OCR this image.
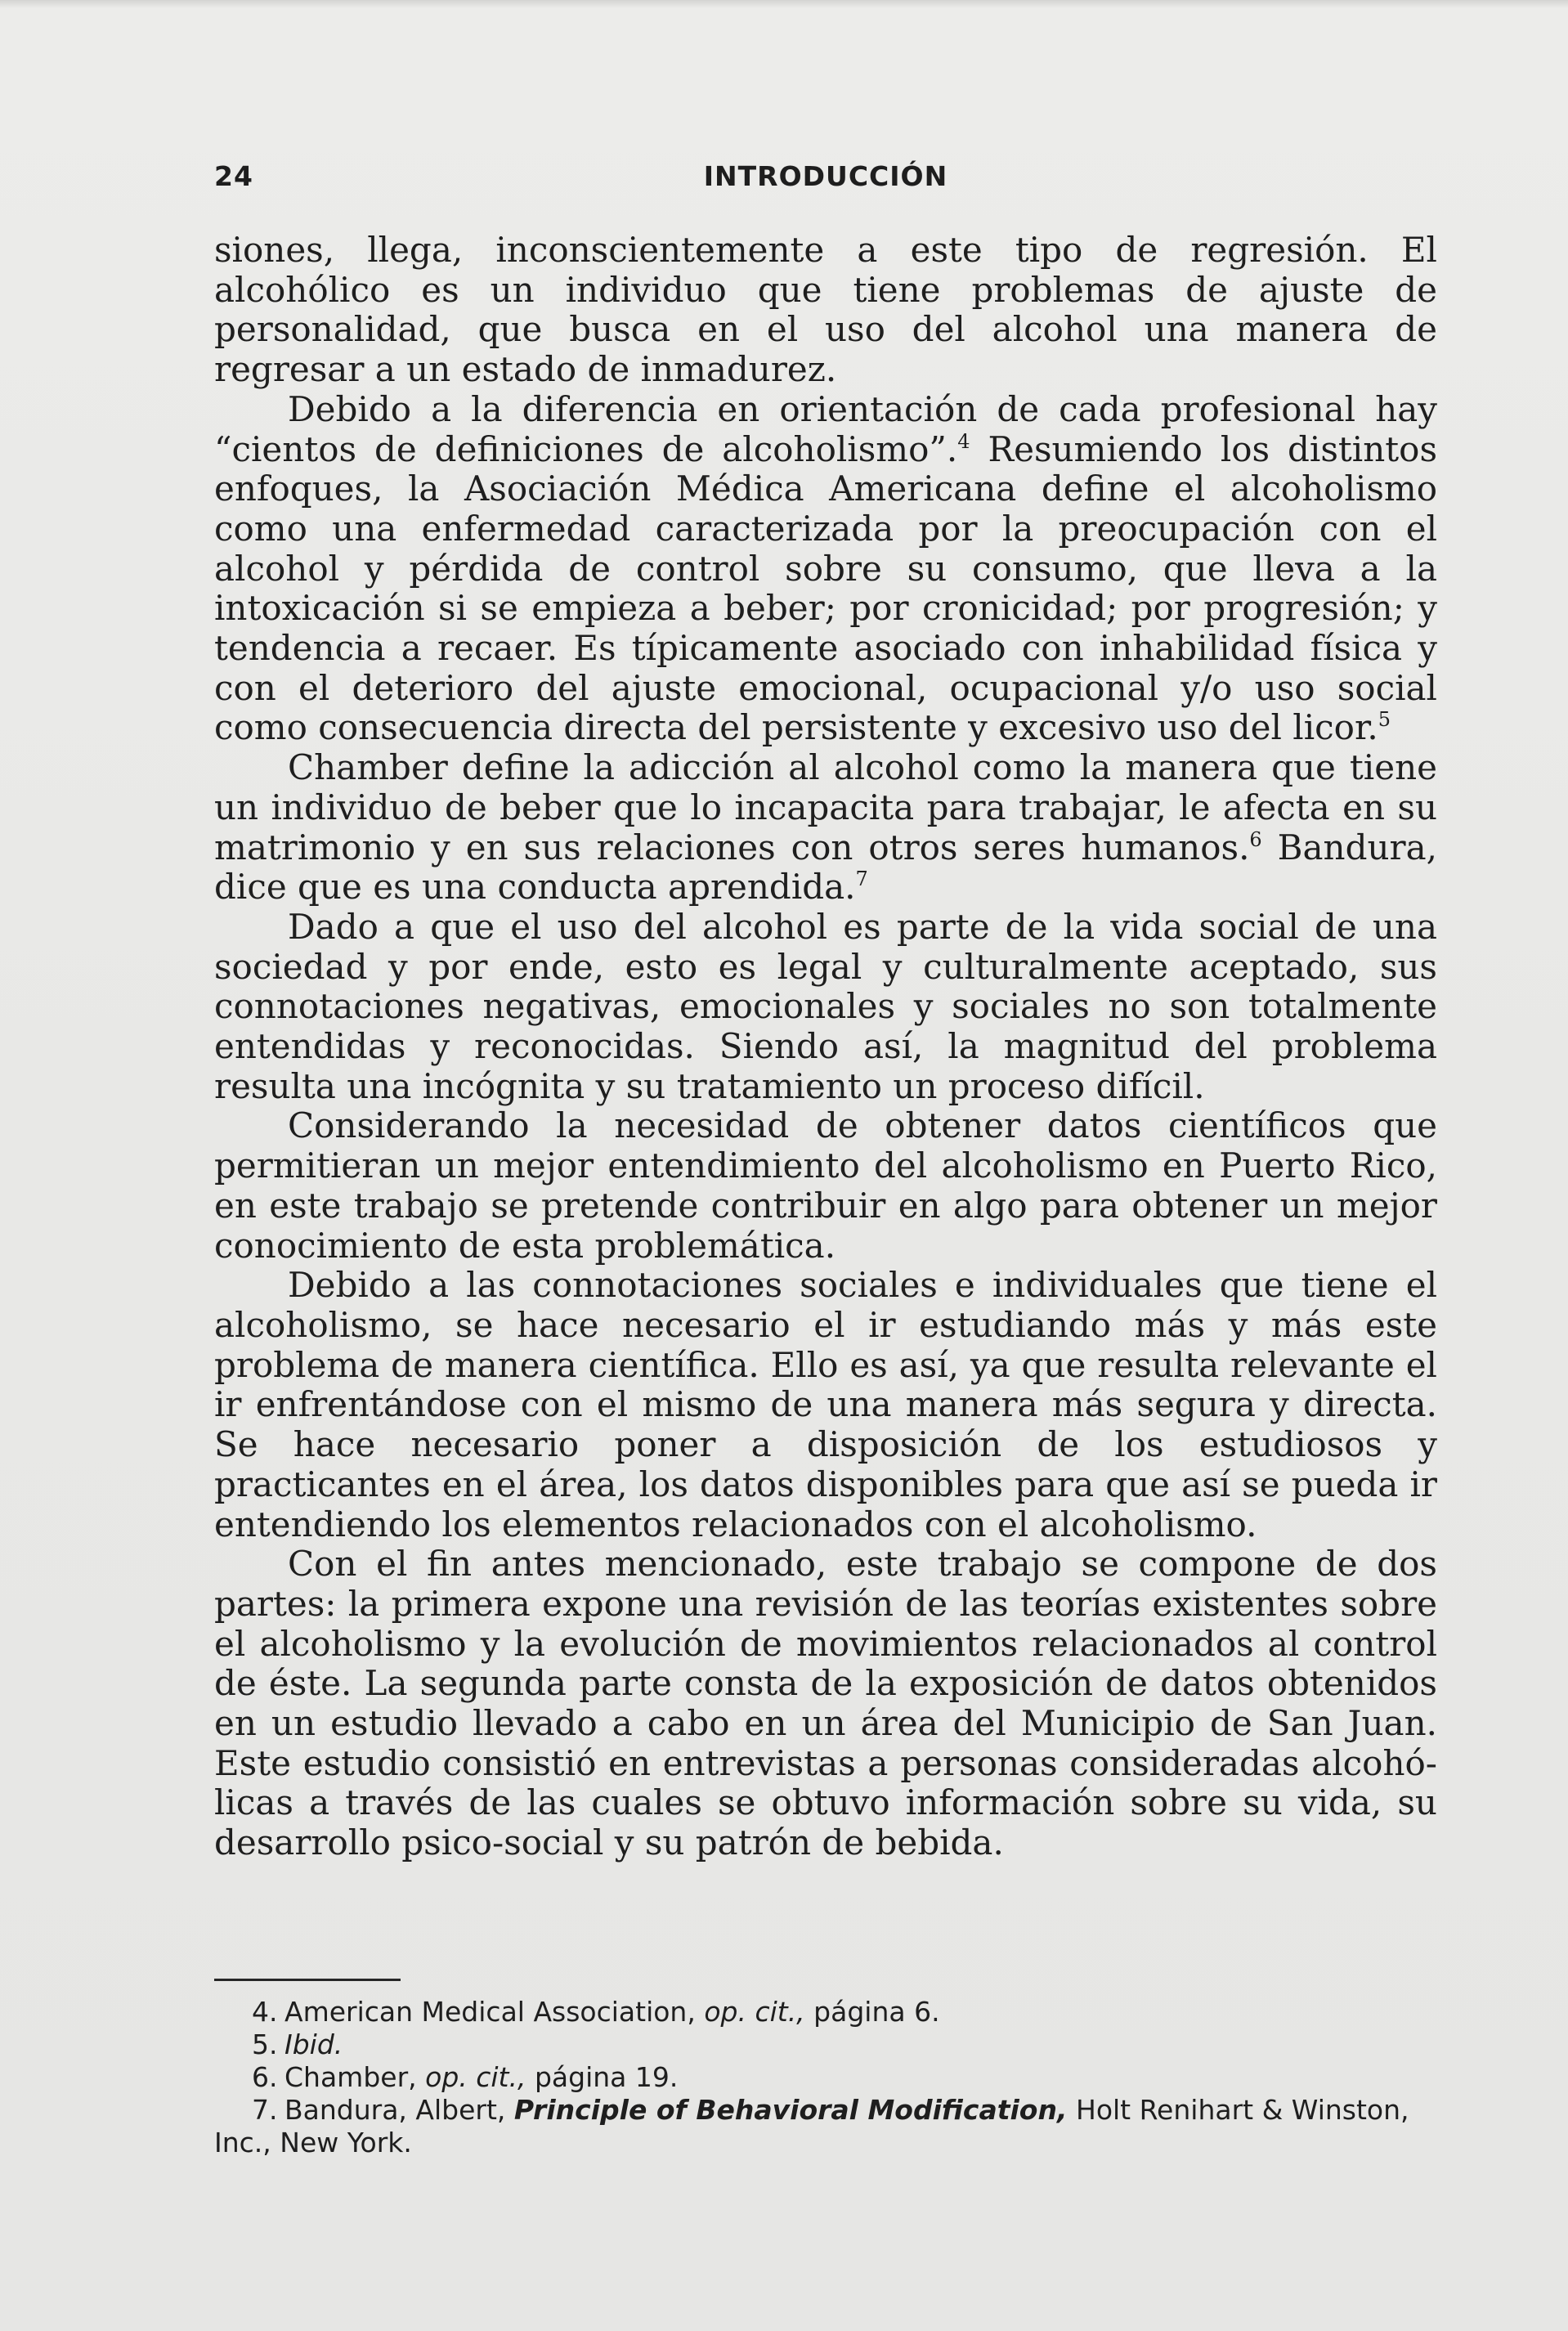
24	INTRODUCCIÓN

siones, llega, inconscientemente a este tipo de regresión. El alcohólico es un individuo que tiene problemas de ajuste de personalidad, que busca en el uso del alcohol una manera de regresar a un estado de inmadurez.

Debido a la diferencia en orientación de cada profesional hay “cientos de definiciones de alcoholismo”.$^4$ Resumiendo los distintos enfoques, la Asociación Médica Americana define el alcoholismo como una enfermedad caracterizada por la preocupación con el alcohol y pérdida de control sobre su consumo, que lleva a la intoxicación si se empieza a beber; por cronicidad; por progresión; y tendencia a recaer. Es típicamente asociado con inhabilidad física y con el deterioro del ajuste emocional, ocupacional y/o uso social como consecuencia directa del persistente y excesivo uso del licor.$^5$

Chamber define la adicción al alcohol como la manera que tiene un individuo de beber que lo incapacita para trabajar, le afecta en su matrimonio y en sus relaciones con otros seres humanos.$^6$ Bandura, dice que es una conducta aprendida.$^7$

Dado a que el uso del alcohol es parte de la vida social de una sociedad y por ende, esto es legal y culturalmente aceptado, sus connotaciones negativas, emocionales y sociales no son totalmente entendidas y reconocidas. Siendo así, la magnitud del problema resulta una incógnita y su tratamiento un proceso difícil.

Considerando la necesidad de obtener datos científicos que permitieran un mejor entendimiento del alcoholismo en Puerto Rico, en este trabajo se pretende contribuir en algo para obtener un mejor conocimiento de esta problemática.

Debido a las connotaciones sociales e individuales que tiene el alcoholismo, se hace necesario el ir estudiando más y más este problema de manera científica. Ello es así, ya que resulta relevante el ir enfrentándose con el mismo de una manera más segura y directa. Se hace necesario poner a disposición de los estudiosos y practicantes en el área, los datos disponibles para que así se pueda ir entendiendo los elementos relacionados con el alcoholismo.

Con el fin antes mencionado, este trabajo se compone de dos partes: la primera expone una revisión de las teorías existentes sobre el alcoholismo y la evolución de movimientos relacionados al control de éste. La segunda parte consta de la exposición de datos obtenidos en un estudio llevado a cabo en un área del Municipio de San Juan. Este estudio consistió en entrevistas a personas consideradas alcohólicas a través de las cuales se obtuvo información sobre su vida, su desarrollo psico-social y su patrón de bebida.

4. American Medical Association, op. cit., página 6.
5. Ibid.
6. Chamber, op. cit., página 19.
7. Bandura, Albert, Principle of Behavioral Modification, Holt Renihart & Winston, Inc., New York.
